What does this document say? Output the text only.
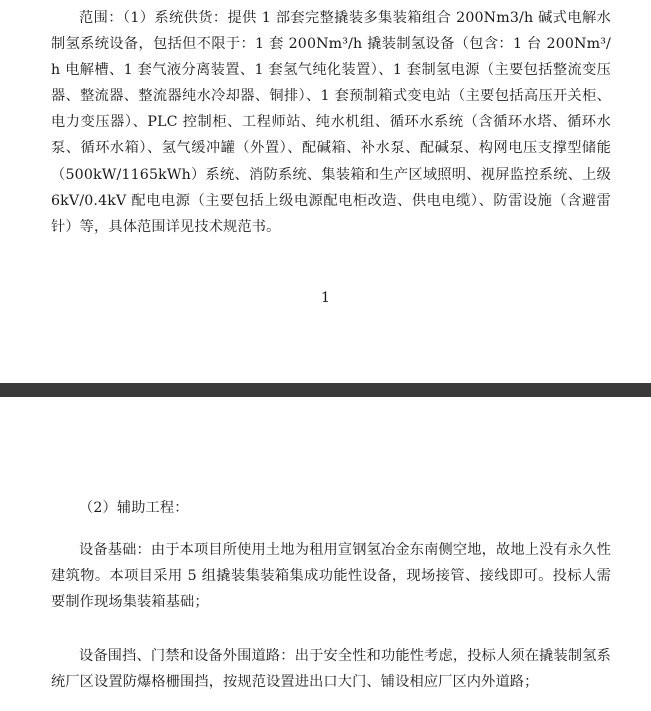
范围：（1）系统供货：提供 1 部套完整撬装多集装箱组合 200Nm3/h 碱式电解水制氢系统设备，包括但不限于：1 套 200Nm³/h 撬装制氢设备（包含：1 台 200Nm³/h 电解槽、1 套气液分离装置、1 套氢气纯化装置）、1 套制氢电源（主要包括整流变压器、整流器、整流器纯水冷却器、铜排）、1 套预制箱式变电站（主要包括高压开关柜、电力变压器）、PLC 控制柜、工程师站、纯水机组、循环水系统（含循环水塔、循环水泵、循环水箱）、氢气缓冲罐（外置）、配碱箱、补水泵、配碱泵、构网电压支撑型储能（500kW/1165kWh）系统、消防系统、集装箱和生产区域照明、视屏监控系统、上级 6kV/0.4kV 配电电源（主要包括上级电源配电柜改造、供电电缆）、防雷设施（含避雷针）等，具体范围详见技术规范书。

1

（2）辅助工程：

设备基础：由于本项目所使用土地为租用宣钢氢冶金东南侧空地，故地上没有永久性建筑物。本项目采用 5 组撬装集装箱集成功能性设备，现场接管、接线即可。投标人需要制作现场集装箱基础；

设备围挡、门禁和设备外围道路：出于安全性和功能性考虑，投标人须在撬装制氢系统厂区设置防爆格栅围挡，按规范设置进出口大门、铺设相应厂区内外道路；
